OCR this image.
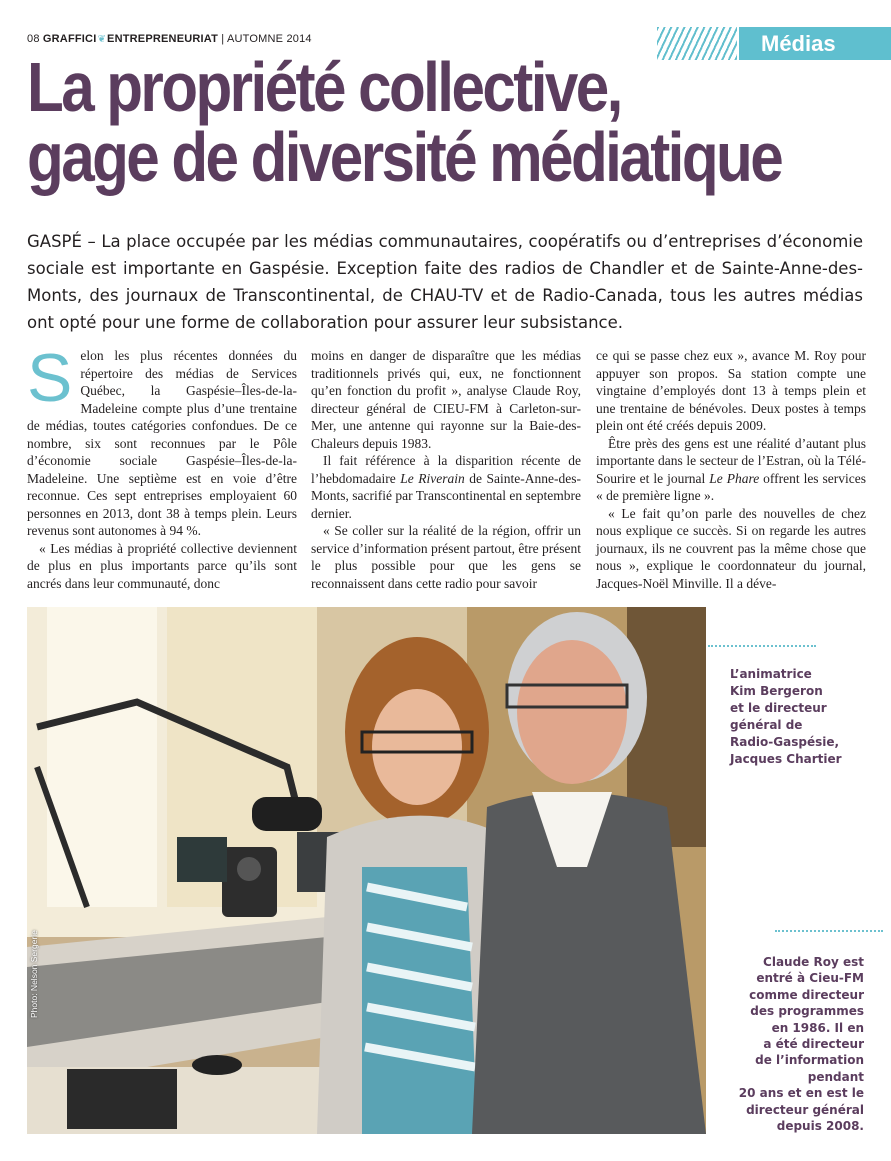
08 GRAFFICI❦ENTREPRENEURIAT | AUTOMNE 2014	Médias
La propriété collective,
gage de diversité médiatique

GASPÉ – La place occupée par les médias communautaires, coopératifs ou d’entreprises d’économie sociale est importante en Gaspésie. Exception faite des radios de Chandler et de Sainte-Anne-des-Monts, des journaux de Transcontinental, de CHAU-TV et de Radio-Canada, tous les autres médias ont opté pour une forme de collaboration pour assurer leur subsistance.

Selon les plus récentes données du répertoire des médias de Services Québec, la Gaspésie–Îles-de-la-Madeleine compte plus d’une trentaine de médias, toutes catégories confondues. De ce nombre, six sont reconnues par le Pôle d’économie sociale Gaspésie–Îles-de-la-Madeleine. Une septième est en voie d’être reconnue. Ces sept entreprises employaient 60 personnes en 2013, dont 38 à temps plein. Leurs revenus sont autonomes à 94 %.

« Les médias à propriété collective deviennent de plus en plus importants parce qu’ils sont ancrés dans leur communauté, donc

moins en danger de disparaître que les médias traditionnels privés qui, eux, ne fonctionnent qu’en fonction du profit », analyse Claude Roy, directeur général de CIEU-FM à Carleton-sur-Mer, une antenne qui rayonne sur la Baie-des-Chaleurs depuis 1983.

Il fait référence à la disparition récente de l’hebdomadaire Le Riverain de Sainte-Anne-des-Monts, sacrifié par Transcontinental en septembre dernier.

« Se coller sur la réalité de la région, offrir un service d’information présent partout, être présent le plus possible pour que les gens se reconnaissent dans cette radio pour savoir

ce qui se passe chez eux », avance M. Roy pour appuyer son propos. Sa station compte une vingtaine d’employés dont 13 à temps plein et une trentaine de bénévoles. Deux postes à temps plein ont été créés depuis 2009.

Être près des gens est une réalité d’autant plus importante dans le secteur de l’Estran, où la Télé-Sourire et le journal Le Phare offrent les services « de première ligne ».

« Le fait qu’on parle des nouvelles de chez nous explique ce succès. Si on regarde les autres journaux, ils ne couvrent pas la même chose que nous », explique le coordonnateur du journal, Jacques-Noël Minville. Il a déve-

Photo: Nelson Sergerie
L’animatrice
Kim Bergeron
et le directeur
général de
Radio-Gaspésie,
Jacques Chartier
Claude Roy est
entré à Cieu-FM
comme directeur
des programmes
en 1986. Il en
a été directeur
de l’information
pendant
20 ans et en est le
directeur général
depuis 2008.
